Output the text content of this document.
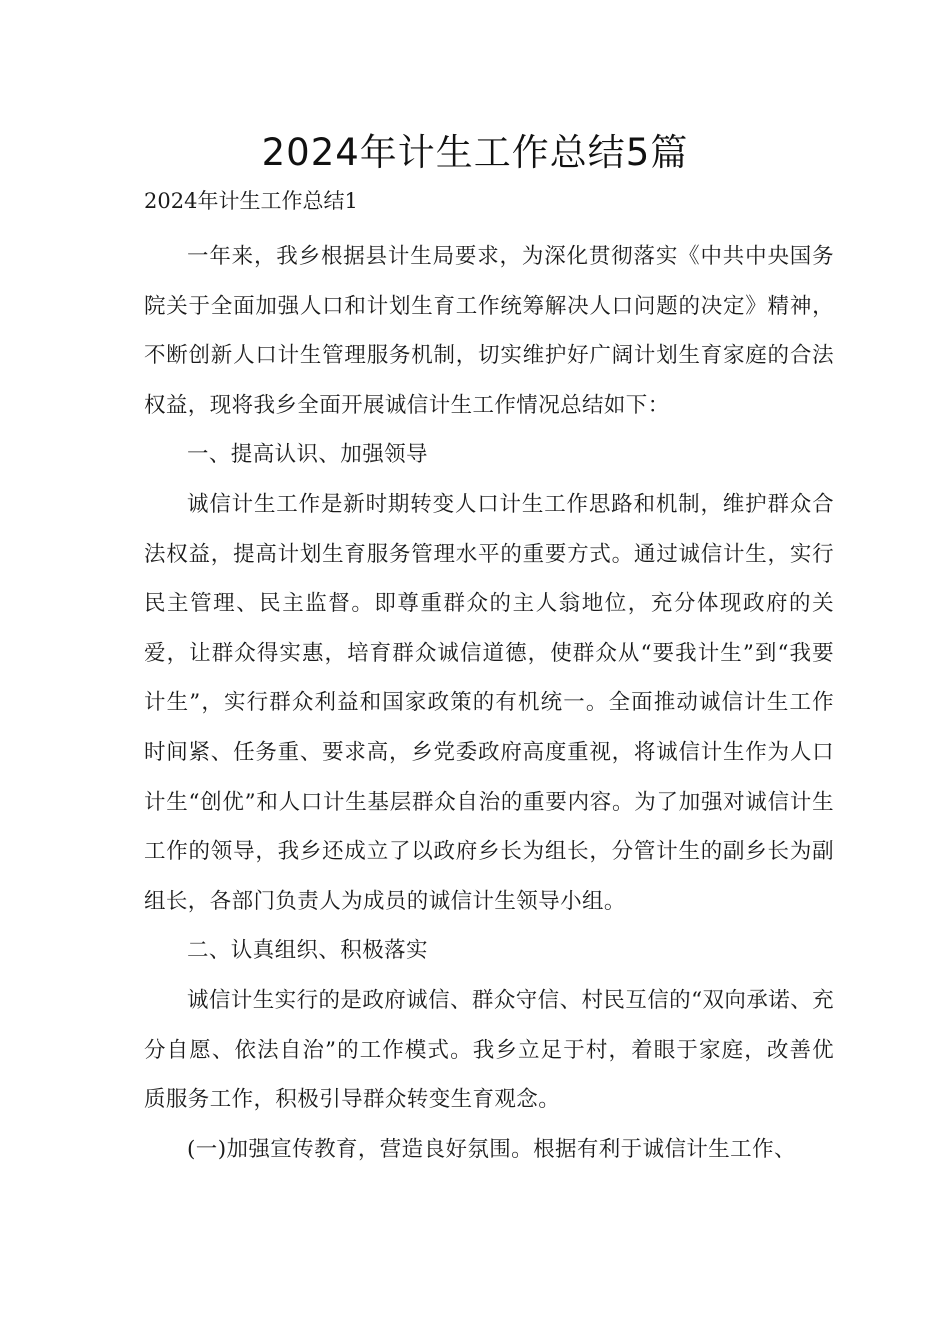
2024年计生工作总结5篇
2024年计生工作总结1

一年来，我乡根据县计生局要求，为深化贯彻落实《中共中央国务院关于全面加强人口和计划生育工作统筹解决人口问题的决定》精神，不断创新人口计生管理服务机制，切实维护好广阔计划生育家庭的合法权益，现将我乡全面开展诚信计生工作情况总结如下：

一、提高认识、加强领导

诚信计生工作是新时期转变人口计生工作思路和机制，维护群众合法权益，提高计划生育服务管理水平的重要方式。通过诚信计生，实行民主管理、民主监督。即尊重群众的主人翁地位，充分体现政府的关爱，让群众得实惠，培育群众诚信道德，使群众从“要我计生”到“我要计生”，实行群众利益和国家政策的有机统一。全面推动诚信计生工作时间紧、任务重、要求高，乡党委政府高度重视，将诚信计生作为人口计生“创优”和人口计生基层群众自治的重要内容。为了加强对诚信计生工作的领导，我乡还成立了以政府乡长为组长，分管计生的副乡长为副组长，各部门负责人为成员的诚信计生领导小组。

二、认真组织、积极落实

诚信计生实行的是政府诚信、群众守信、村民互信的“双向承诺、充分自愿、依法自治”的工作模式。我乡立足于村，着眼于家庭，改善优质服务工作，积极引导群众转变生育观念。

(一)加强宣传教育，营造良好氛围。根据有利于诚信计生工作、
